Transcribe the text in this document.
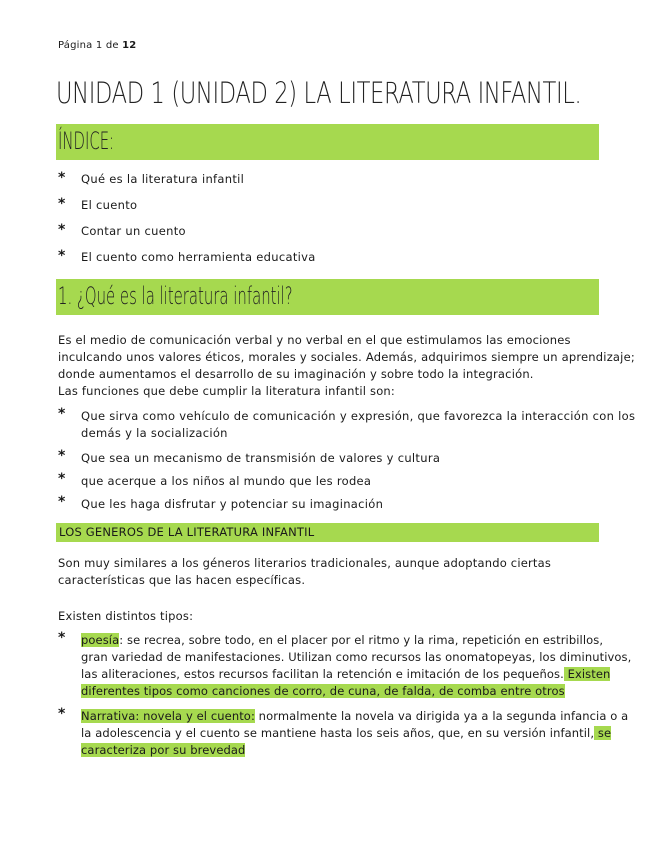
Página 1 de 12
UNIDAD 1 (UNIDAD 2) LA LITERATURA INFANTIL.
ÍNDICE:
* Qué es la literatura infantil
* El cuento
* Contar un cuento
* El cuento como herramienta educativa
1. ¿Qué es la literatura infantil?

Es el medio de comunicación verbal y no verbal en el que estimulamos las emociones

inculcando unos valores éticos, morales y sociales. Además, adquirimos siempre un aprendizaje;

donde aumentamos el desarrollo de su imaginación y sobre todo la integración.

Las funciones que debe cumplir la literatura infantil son:

* Que sirva como vehículo de comunicación y expresión, que favorezca la interacción con los
demás y la socialización
* Que sea un mecanismo de transmisión de valores y cultura
* que acerque a los niños al mundo que les rodea
* Que les haga disfrutar y potenciar su imaginación
LOS GENEROS DE LA LITERATURA INFANTIL

Son muy similares a los géneros literarios tradicionales, aunque adoptando ciertas

características que las hacen específicas.

Existen distintos tipos:
* poesía: se recrea, sobre todo, en el placer por el ritmo y la rima, repetición en estribillos,
gran variedad de manifestaciones. Utilizan como recursos las onomatopeyas, los diminutivos,
las aliteraciones, estos recursos facilitan la retención e imitación de los pequeños. Existen
diferentes tipos como canciones de corro, de cuna, de falda, de comba entre otros
* Narrativa: novela y el cuento: normalmente la novela va dirigida ya a la segunda infancia o a
la adolescencia y el cuento se mantiene hasta los seis años, que, en su versión infantil, se
caracteriza por su brevedad
